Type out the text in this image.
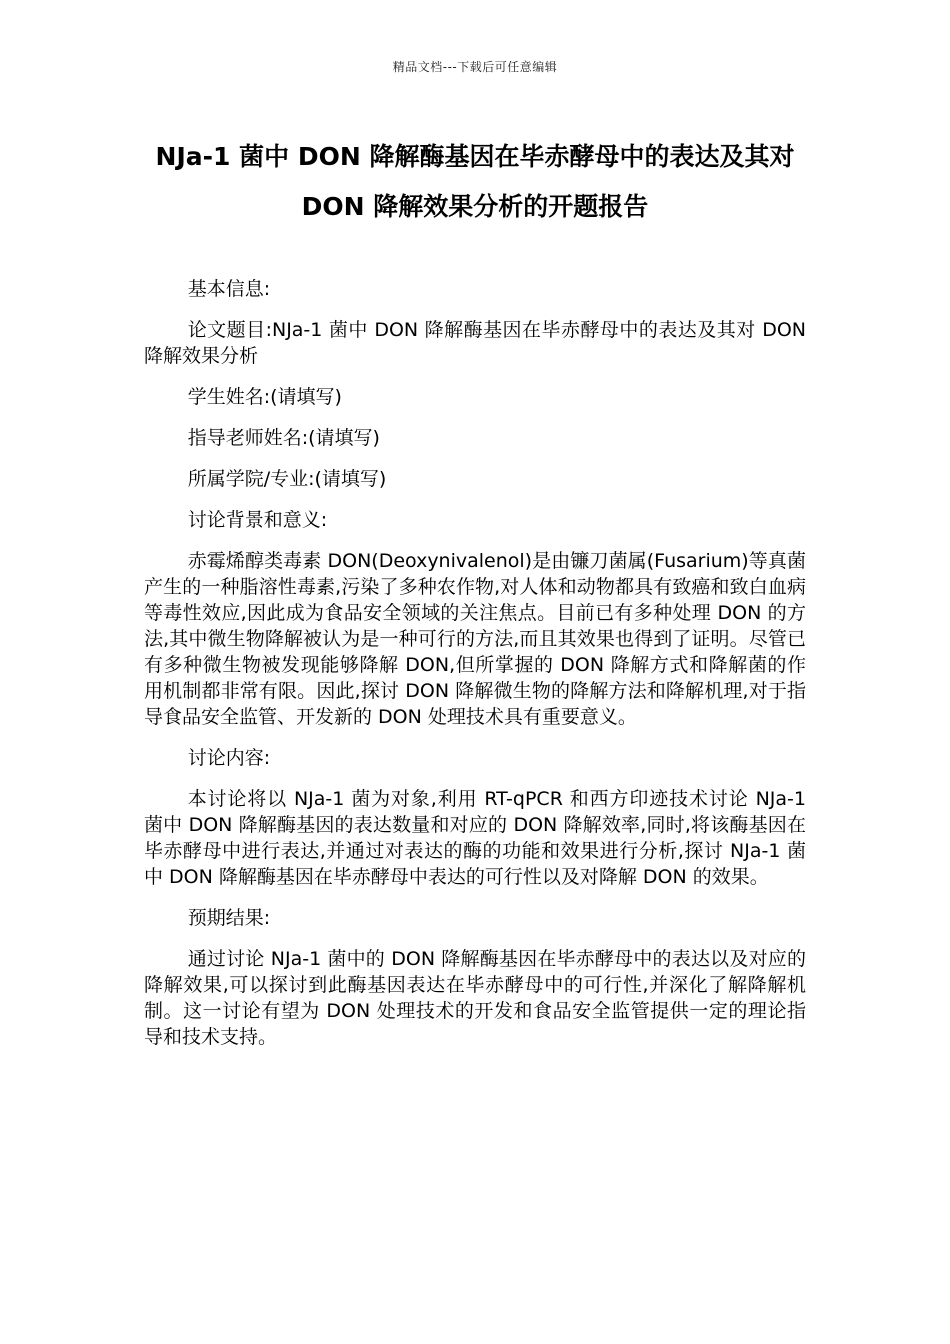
精品文档---下载后可任意编辑
NJa-1 菌中 DON 降解酶基因在毕赤酵母中的表达及其对 DON 降解效果分析的开题报告

基本信息:

论文题目:NJa-1 菌中 DON 降解酶基因在毕赤酵母中的表达及其对 DON 降解效果分析

学生姓名:(请填写)

指导老师姓名:(请填写)

所属学院/专业:(请填写)

讨论背景和意义:

赤霉烯醇类毒素 DON(Deoxynivalenol)是由镰刀菌属(Fusarium)等真菌产生的一种脂溶性毒素,污染了多种农作物,对人体和动物都具有致癌和致白血病等毒性效应,因此成为食品安全领域的关注焦点。目前已有多种处理 DON 的方法,其中微生物降解被认为是一种可行的方法,而且其效果也得到了证明。尽管已有多种微生物被发现能够降解 DON,但所掌握的 DON 降解方式和降解菌的作用机制都非常有限。因此,探讨 DON 降解微生物的降解方法和降解机理,对于指导食品安全监管、开发新的 DON 处理技术具有重要意义。

讨论内容:

本讨论将以 NJa-1 菌为对象,利用 RT-qPCR 和西方印迹技术讨论 NJa-1 菌中 DON 降解酶基因的表达数量和对应的 DON 降解效率,同时,将该酶基因在毕赤酵母中进行表达,并通过对表达的酶的功能和效果进行分析,探讨 NJa-1 菌中 DON 降解酶基因在毕赤酵母中表达的可行性以及对降解 DON 的效果。

预期结果:

通过讨论 NJa-1 菌中的 DON 降解酶基因在毕赤酵母中的表达以及对应的降解效果,可以探讨到此酶基因表达在毕赤酵母中的可行性,并深化了解降解机制。这一讨论有望为 DON 处理技术的开发和食品安全监管提供一定的理论指导和技术支持。
